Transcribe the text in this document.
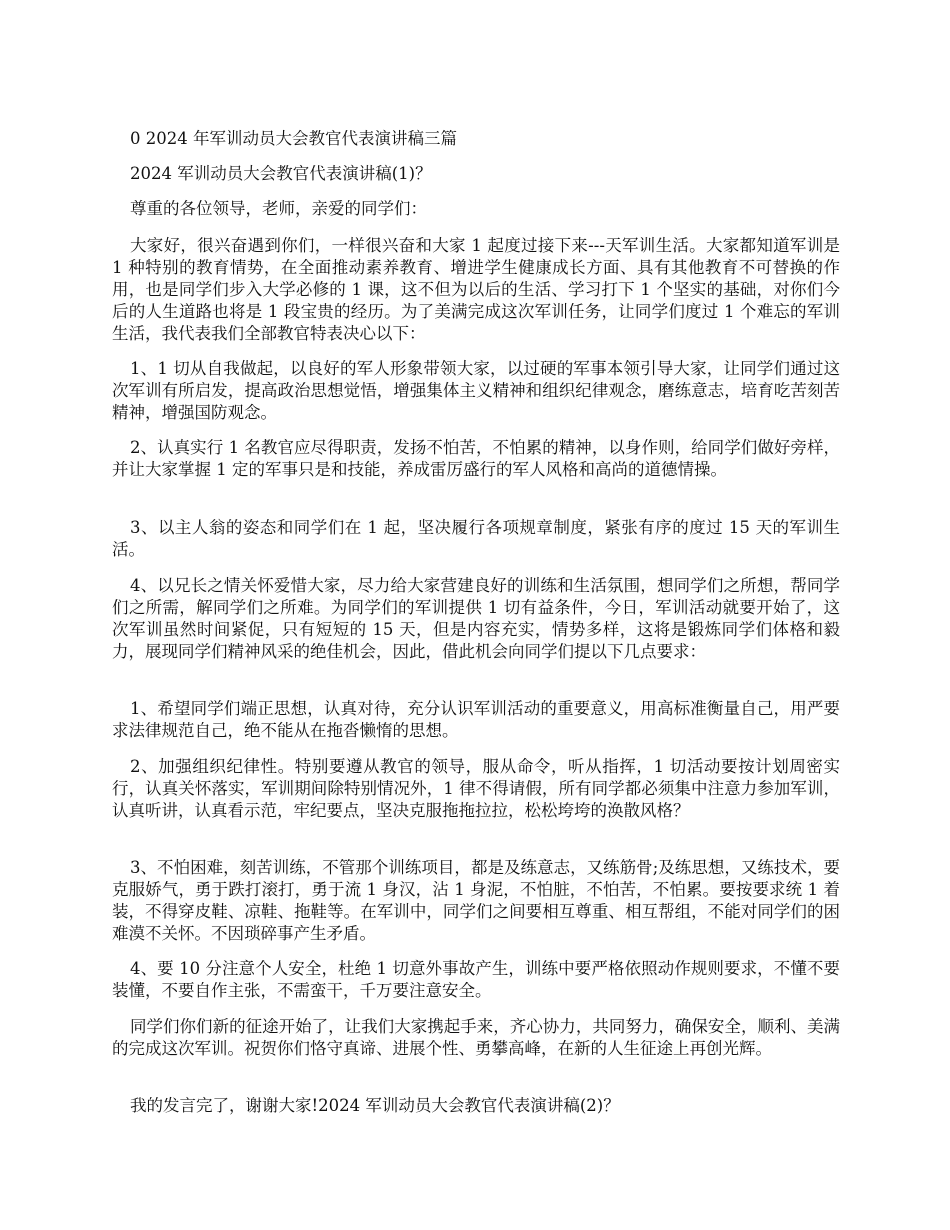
0 2024 年军训动员大会教官代表演讲稿三篇
2024 军训动员大会教官代表演讲稿(1)？

尊重的各位领导，老师，亲爱的同学们：

大家好，很兴奋遇到你们，一样很兴奋和大家 1 起度过接下来---天军训生活。大家都知道军训是 1 种特别的教育情势，在全面推动素养教育、增进学生健康成长方面、具有其他教育不可替换的作用，也是同学们步入大学必修的 1 课，这不但为以后的生活、学习打下 1 个坚实的基础，对你们今后的人生道路也将是 1 段宝贵的经历。为了美满完成这次军训任务，让同学们度过 1 个难忘的军训生活，我代表我们全部教官特表决心以下：

1、1 切从自我做起，以良好的军人形象带领大家，以过硬的军事本领引导大家，让同学们通过这次军训有所启发，提高政治思想觉悟，增强集体主义精神和组织纪律观念，磨练意志，培育吃苦刻苦精神，增强国防观念。

2、认真实行 1 名教官应尽得职责，发扬不怕苦，不怕累的精神，以身作则，给同学们做好旁样，并让大家掌握 1 定的军事只是和技能，养成雷厉盛行的军人风格和高尚的道德情操。

3、以主人翁的姿态和同学们在 1 起，坚决履行各项规章制度，紧张有序的度过 15 天的军训生活。

4、以兄长之情关怀爱惜大家，尽力给大家营建良好的训练和生活氛围，想同学们之所想，帮同学们之所需，解同学们之所难。为同学们的军训提供 1 切有益条件，今日，军训活动就要开始了，这次军训虽然时间紧促，只有短短的 15 天，但是内容充实，情势多样，这将是锻炼同学们体格和毅力，展现同学们精神风采的绝佳机会，因此，借此机会向同学们提以下几点要求：

1、希望同学们端正思想，认真对待，充分认识军训活动的重要意义，用高标准衡量自己，用严要求法律规范自己，绝不能从在拖沓懒惰的思想。

2、加强组织纪律性。特别要遵从教官的领导，服从命令，听从指挥，1 切活动要按计划周密实行，认真关怀落实，军训期间除特别情况外，1 律不得请假，所有同学都必须集中注意力参加军训，认真听讲，认真看示范，牢纪要点，坚决克服拖拖拉拉，松松垮垮的涣散风格？

3、不怕困难，刻苦训练，不管那个训练项目，都是及练意志，又练筋骨;及练思想，又练技术，要克服娇气，勇于跌打滚打，勇于流 1 身汉，沾 1 身泥，不怕脏，不怕苦，不怕累。要按要求统 1 着装，不得穿皮鞋、凉鞋、拖鞋等。在军训中，同学们之间要相互尊重、相互帮组，不能对同学们的困难漠不关怀。不因琐碎事产生矛盾。

4、要 10 分注意个人安全，杜绝 1 切意外事故产生，训练中要严格依照动作规则要求，不懂不要装懂，不要自作主张，不需蛮干，千万要注意安全。

同学们你们新的征途开始了，让我们大家携起手来，齐心协力，共同努力，确保安全，顺利、美满的完成这次军训。祝贺你们恪守真谛、进展个性、勇攀高峰，在新的人生征途上再创光辉。

我的发言完了，谢谢大家!2024 军训动员大会教官代表演讲稿(2)？
